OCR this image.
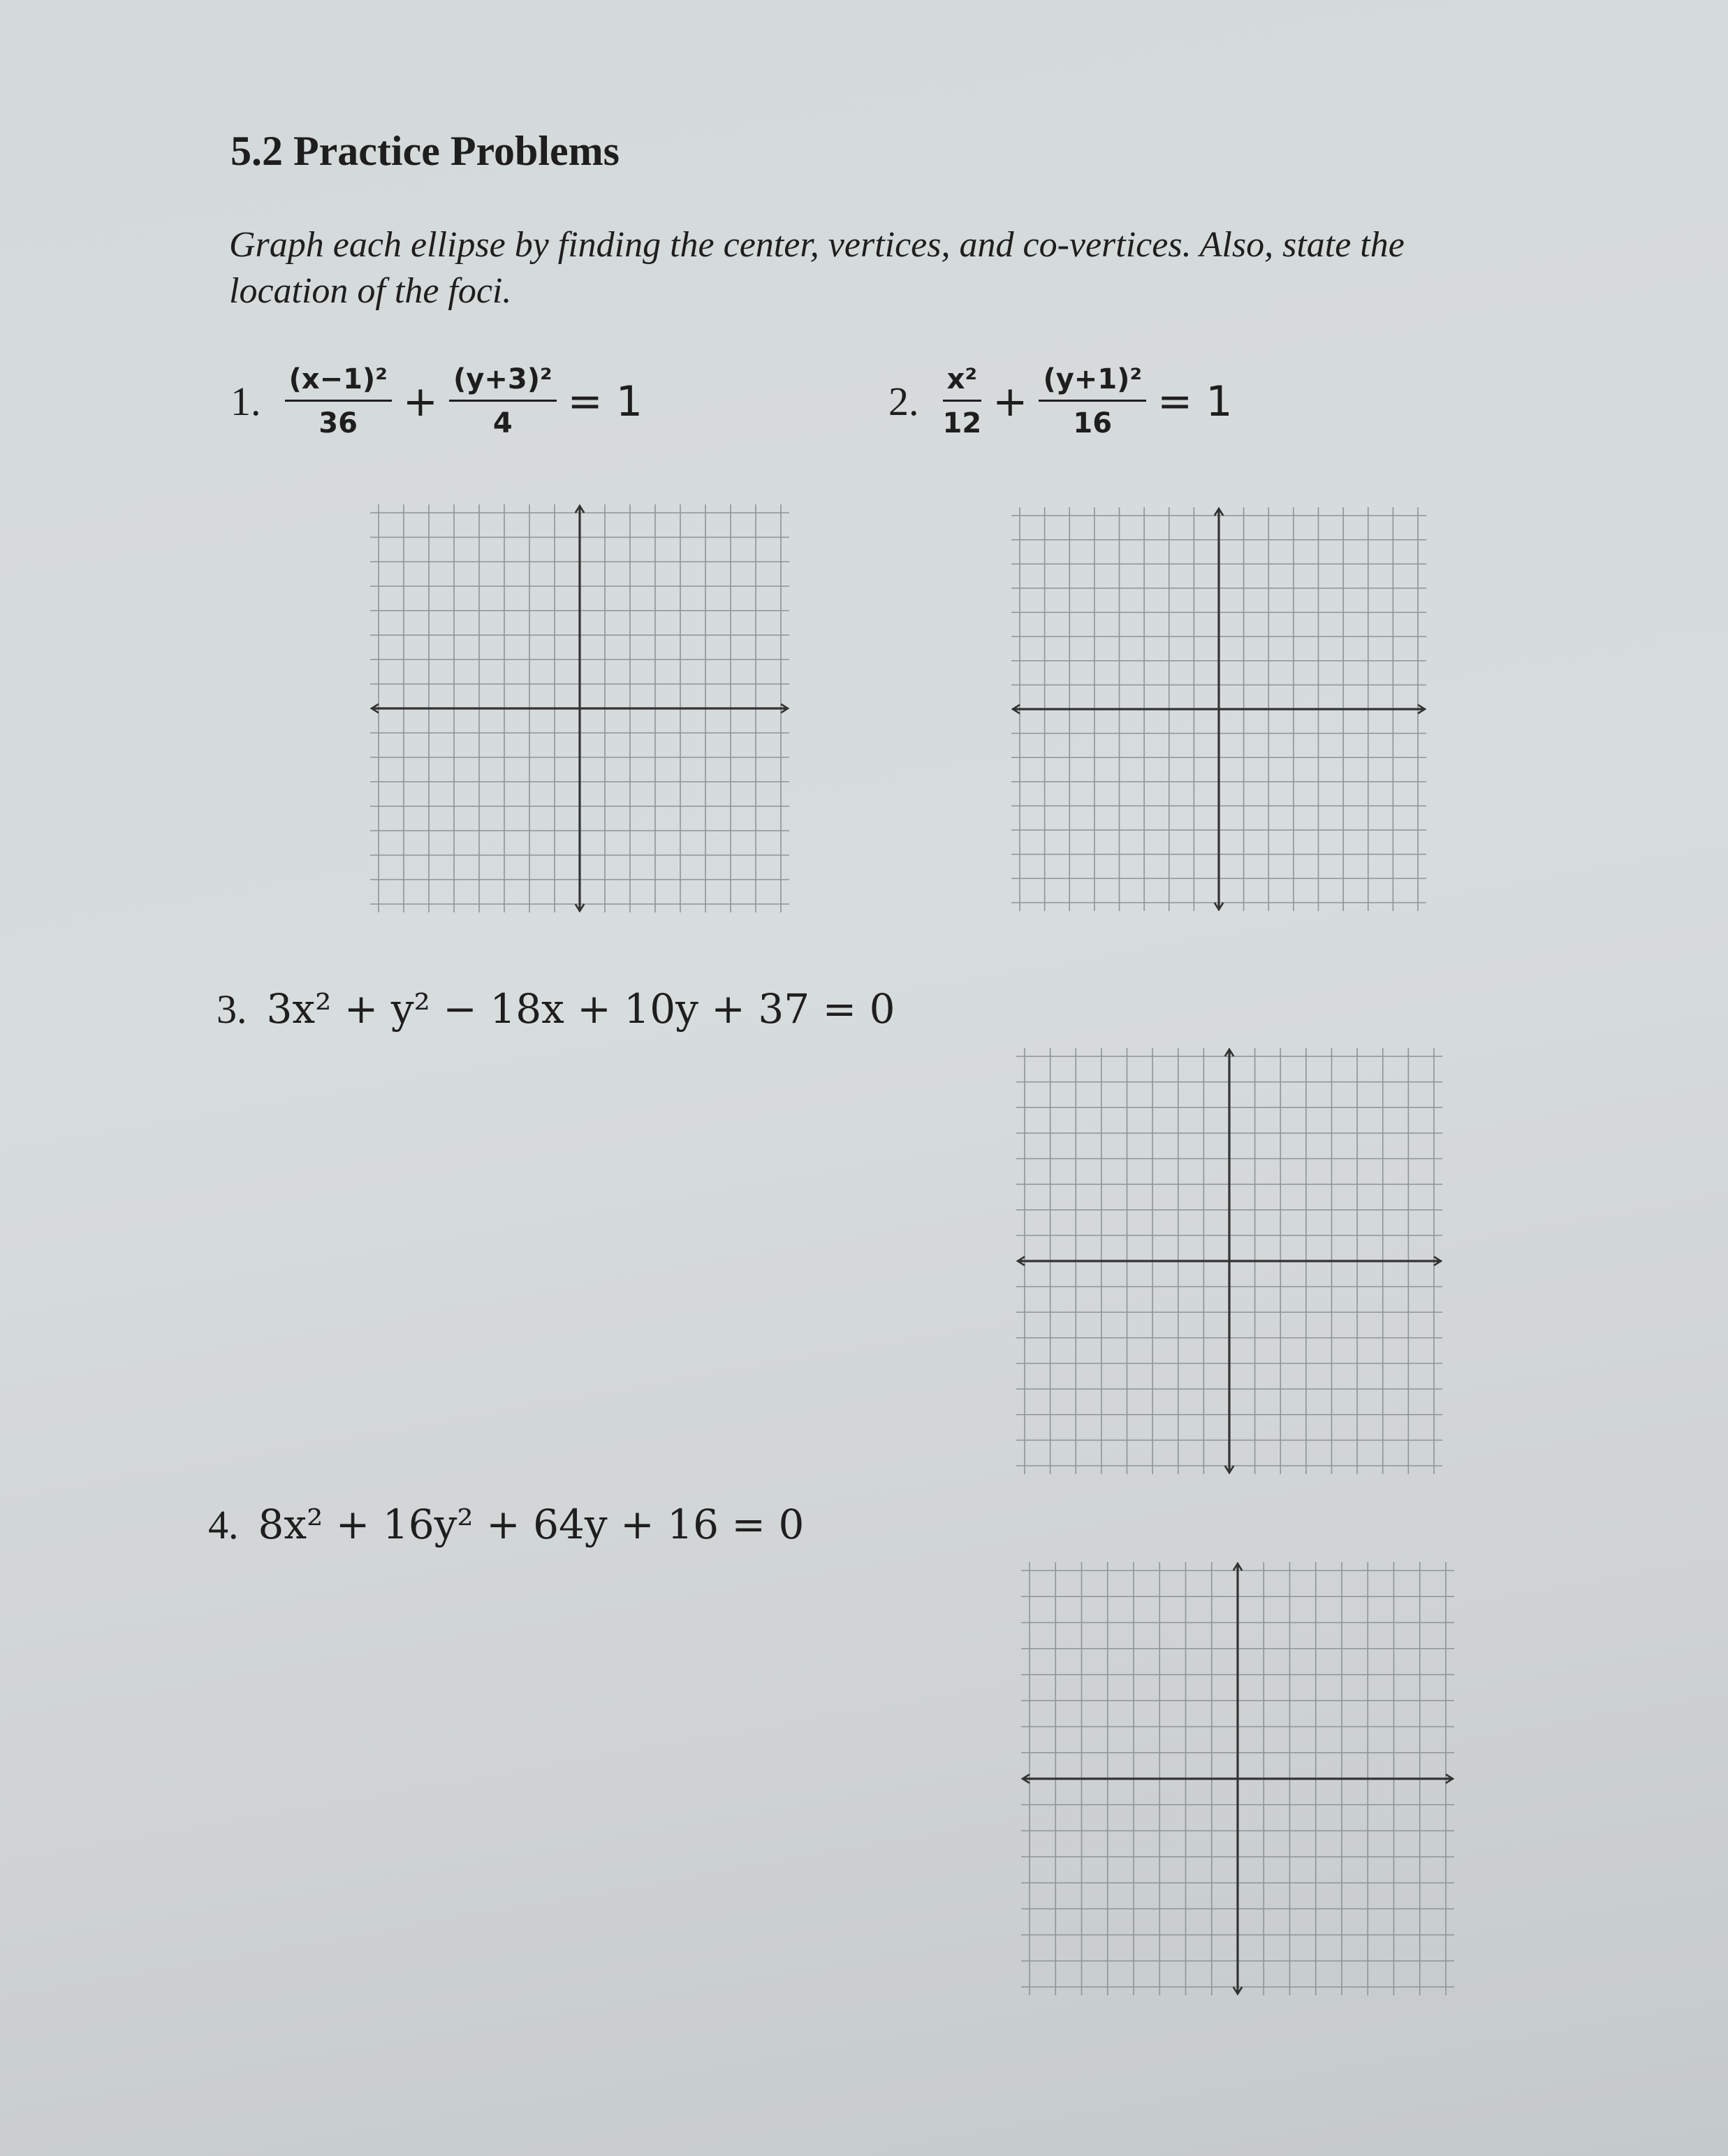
5.2 Practice Problems
Graph each ellipse by finding the center, vertices, and co-vertices. Also, state the location of the foci.
1. $\frac{\text{(x−1)²}}{36} + \frac{\text{(y+3)²}}{4} = 1$	2. $\frac{\text{x²}}{12} + \frac{\text{(y+1)²}}{16} = 1$
3. 3x² + y² − 18x + 10y + 37 = 0
4. 8x² + 16y² + 64y + 16 = 0
